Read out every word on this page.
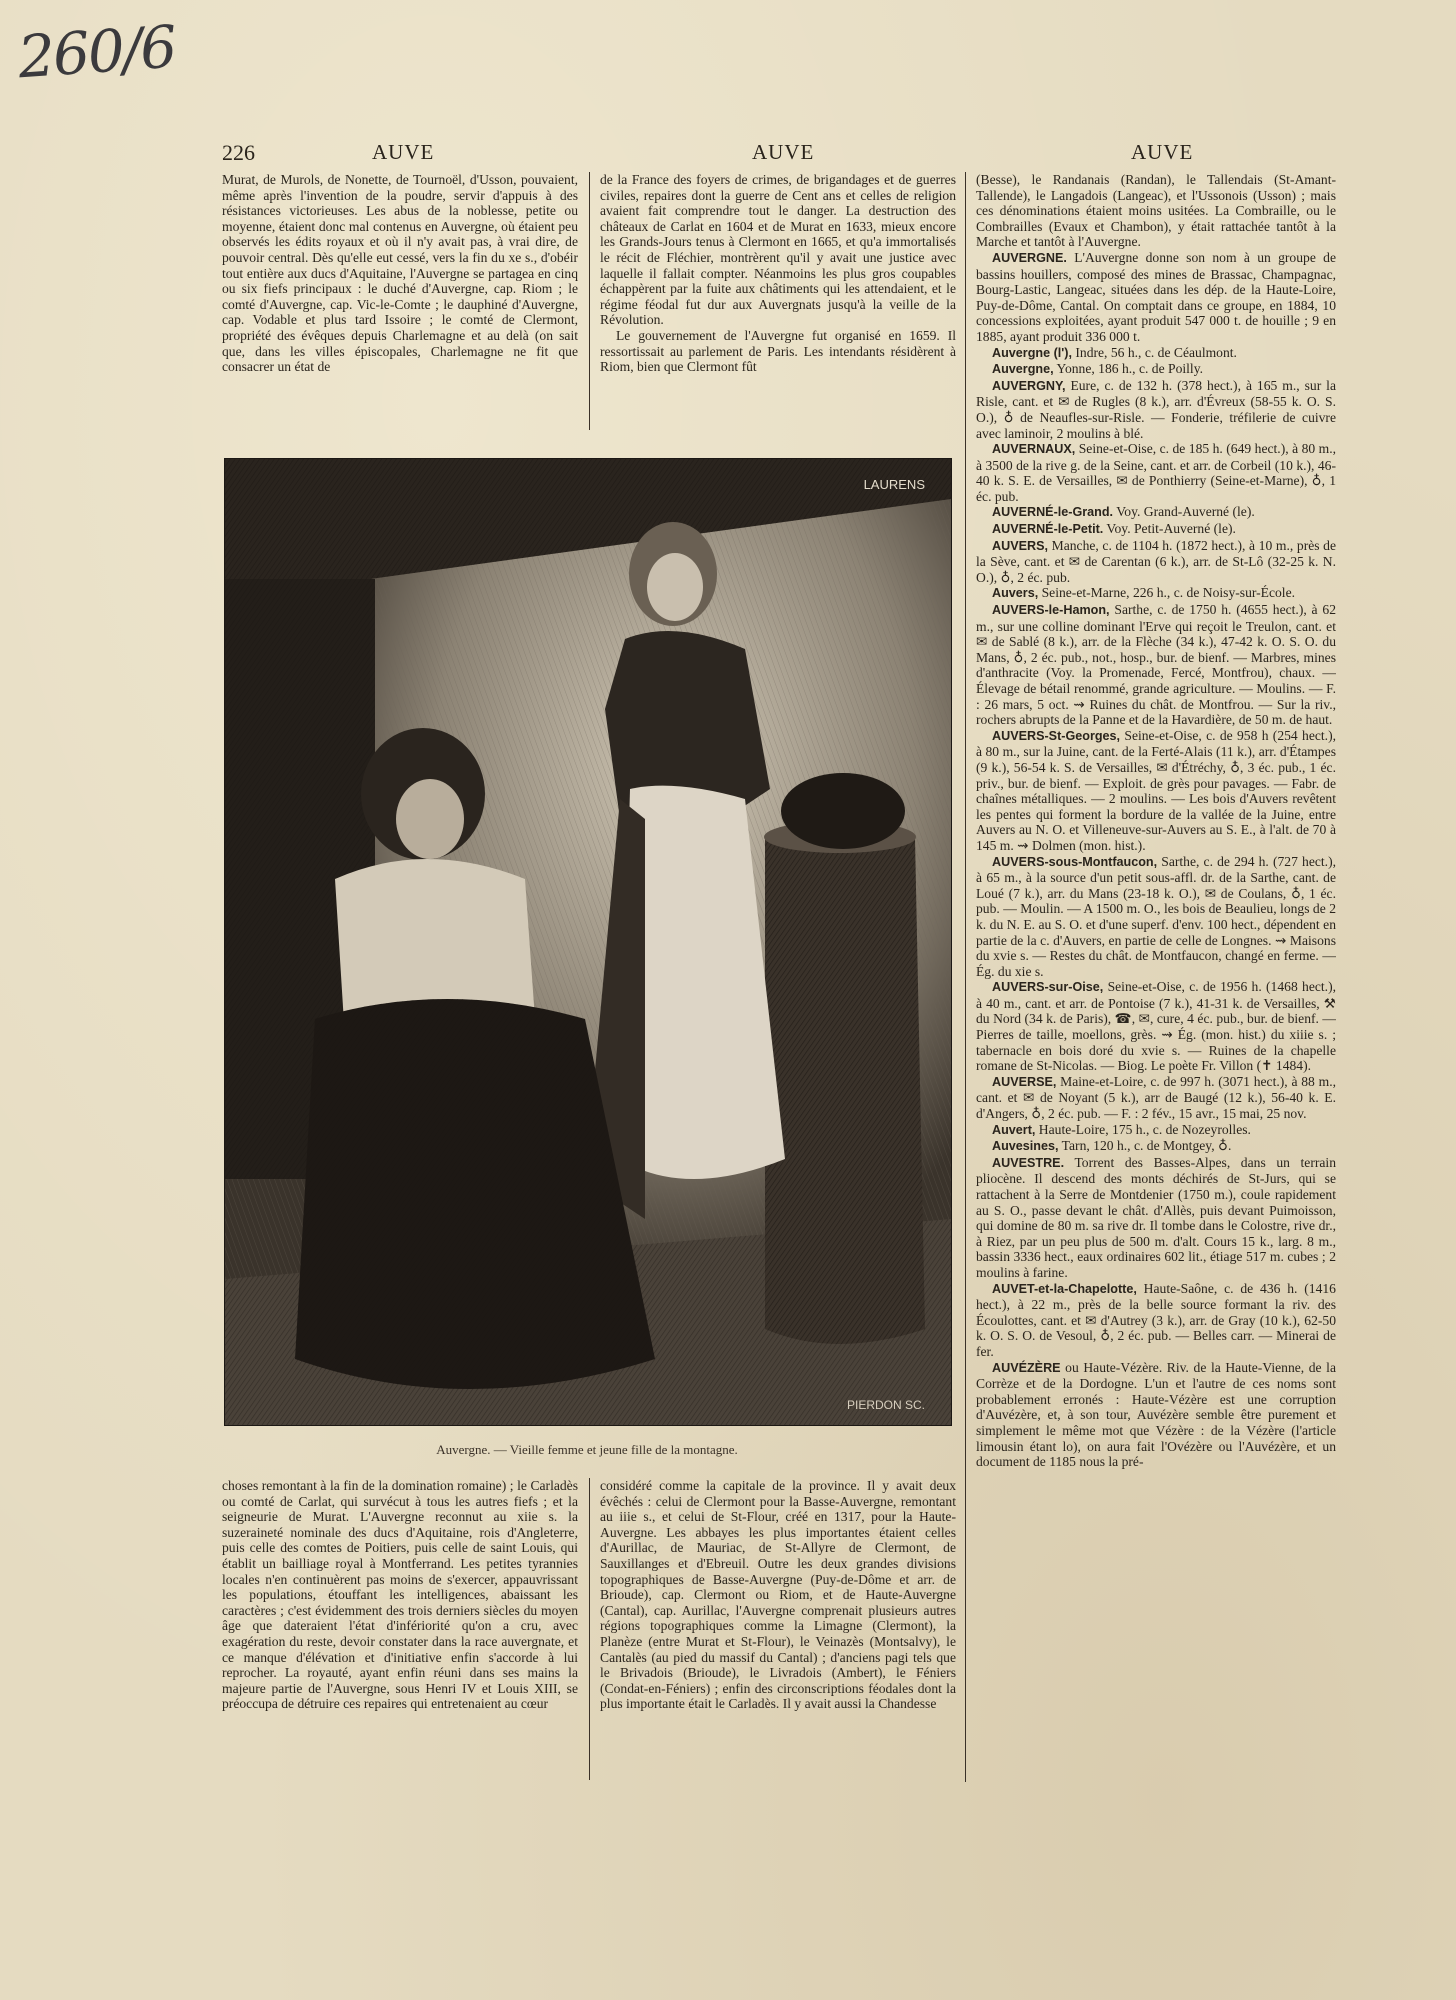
260/6
226	AUVE	AUVE	AUVE

Murat, de Murols, de Nonette, de Tournoël, d'Usson, pouvaient, même après l'invention de la poudre, servir d'appuis à des résistances victorieuses. Les abus de la noblesse, petite ou moyenne, étaient donc mal contenus en Auvergne, où étaient peu observés les édits royaux et où il n'y avait pas, à vrai dire, de pouvoir central. Dès qu'elle eut cessé, vers la fin du xe s., d'obéir tout entière aux ducs d'Aquitaine, l'Auvergne se partagea en cinq ou six fiefs principaux : le duché d'Auvergne, cap. Riom ; le comté d'Auvergne, cap. Vic-le-Comte ; le dauphiné d'Auvergne, cap. Vodable et plus tard Issoire ; le comté de Clermont, propriété des évêques depuis Charlemagne et au delà (on sait que, dans les villes épiscopales, Charlemagne ne fit que consacrer un état de

de la France des foyers de crimes, de brigandages et de guerres civiles, repaires dont la guerre de Cent ans et celles de religion avaient fait comprendre tout le danger. La destruction des châteaux de Carlat en 1604 et de Murat en 1633, mieux encore les Grands-Jours tenus à Clermont en 1665, et qu'a immortalisés le récit de Fléchier, montrèrent qu'il y avait une justice avec laquelle il fallait compter. Néanmoins les plus gros coupables échappèrent par la fuite aux châtiments qui les attendaient, et le régime féodal fut dur aux Auvergnats jusqu'à la veille de la Révolution.

Le gouvernement de l'Auvergne fut organisé en 1659. Il ressortissait au parlement de Paris. Les intendants résidèrent à Riom, bien que Clermont fût

(Besse), le Randanais (Randan), le Tallendais (St-Amant-Tallende), le Langadois (Langeac), et l'Ussonois (Usson) ; mais ces dénominations étaient moins usitées. La Combraille, ou le Combrailles (Evaux et Chambon), y était rattachée tantôt à la Marche et tantôt à l'Auvergne.

AUVERGNE. L'Auvergne donne son nom à un groupe de bassins houillers, composé des mines de Brassac, Champagnac, Bourg-Lastic, Langeac, situées dans les dép. de la Haute-Loire, Puy-de-Dôme, Cantal. On comptait dans ce groupe, en 1884, 10 concessions exploitées, ayant produit 547 000 t. de houille ; 9 en 1885, ayant produit 336 000 t.

Auvergne (l'), Indre, 56 h., c. de Céaulmont.

Auvergne, Yonne, 186 h., c. de Poilly.

AUVERGNY, Eure, c. de 132 h. (378 hect.), à 165 m., sur la Risle, cant. et ✉ de Rugles (8 k.), arr. d'Évreux (58-55 k. O. S. O.), ♁ de Neaufles-sur-Risle. — Fonderie, tréfilerie de cuivre avec laminoir, 2 moulins à blé.

AUVERNAUX, Seine-et-Oise, c. de 185 h. (649 hect.), à 80 m., à 3500 de la rive g. de la Seine, cant. et arr. de Corbeil (10 k.), 46-40 k. S. E. de Versailles, ✉ de Ponthierry (Seine-et-Marne), ♁, 1 éc. pub.

AUVERNÉ-le-Grand. Voy. Grand-Auverné (le).

AUVERNÉ-le-Petit. Voy. Petit-Auverné (le).

AUVERS, Manche, c. de 1104 h. (1872 hect.), à 10 m., près de la Sève, cant. et ✉ de Carentan (6 k.), arr. de St-Lô (32-25 k. N. O.), ♁, 2 éc. pub.

Auvers, Seine-et-Marne, 226 h., c. de Noisy-sur-École.

AUVERS-le-Hamon, Sarthe, c. de 1750 h. (4655 hect.), à 62 m., sur une colline dominant l'Erve qui reçoit le Treulon, cant. et ✉ de Sablé (8 k.), arr. de la Flèche (34 k.), 47-42 k. O. S. O. du Mans, ♁, 2 éc. pub., not., hosp., bur. de bienf. — Marbres, mines d'anthracite (Voy. la Promenade, Fercé, Montfrou), chaux. — Élevage de bétail renommé, grande agriculture. — Moulins. — F. : 26 mars, 5 oct. ⇝ Ruines du chât. de Montfrou. — Sur la riv., rochers abrupts de la Panne et de la Havardière, de 50 m. de haut.

AUVERS-St-Georges, Seine-et-Oise, c. de 958 h (254 hect.), à 80 m., sur la Juine, cant. de la Ferté-Alais (11 k.), arr. d'Étampes (9 k.), 56-54 k. S. de Versailles, ✉ d'Étréchy, ♁, 3 éc. pub., 1 éc. priv., bur. de bienf. — Exploit. de grès pour pavages. — Fabr. de chaînes métalliques. — 2 moulins. — Les bois d'Auvers revêtent les pentes qui forment la bordure de la vallée de la Juine, entre Auvers au N. O. et Villeneuve-sur-Auvers au S. E., à l'alt. de 70 à 145 m. ⇝ Dolmen (mon. hist.).

AUVERS-sous-Montfaucon, Sarthe, c. de 294 h. (727 hect.), à 65 m., à la source d'un petit sous-affl. dr. de la Sarthe, cant. de Loué (7 k.), arr. du Mans (23-18 k. O.), ✉ de Coulans, ♁, 1 éc. pub. — Moulin. — A 1500 m. O., les bois de Beaulieu, longs de 2 k. du N. E. au S. O. et d'une superf. d'env. 100 hect., dépendent en partie de la c. d'Auvers, en partie de celle de Longnes. ⇝ Maisons du xvie s. — Restes du chât. de Montfaucon, changé en ferme. — Ég. du xie s.

AUVERS-sur-Oise, Seine-et-Oise, c. de 1956 h. (1468 hect.), à 40 m., cant. et arr. de Pontoise (7 k.), 41-31 k. de Versailles, ⚒ du Nord (34 k. de Paris), ☎, ✉, cure, 4 éc. pub., bur. de bienf. — Pierres de taille, moellons, grès. ⇝ Ég. (mon. hist.) du xiiie s. ; tabernacle en bois doré du xvie s. — Ruines de la chapelle romane de St-Nicolas. — Biog. Le poète Fr. Villon (✝ 1484).

AUVERSE, Maine-et-Loire, c. de 997 h. (3071 hect.), à 88 m., cant. et ✉ de Noyant (5 k.), arr de Baugé (12 k.), 56-40 k. E. d'Angers, ♁, 2 éc. pub. — F. : 2 fév., 15 avr., 15 mai, 25 nov.

Auvert, Haute-Loire, 175 h., c. de Nozeyrolles.

Auvesines, Tarn, 120 h., c. de Montgey, ♁.

AUVESTRE. Torrent des Basses-Alpes, dans un terrain pliocène. Il descend des monts déchirés de St-Jurs, qui se rattachent à la Serre de Montdenier (1750 m.), coule rapidement au S. O., passe devant le chât. d'Allès, puis devant Puimoisson, qui domine de 80 m. sa rive dr. Il tombe dans le Colostre, rive dr., à Riez, par un peu plus de 500 m. d'alt. Cours 15 k., larg. 8 m., bassin 3336 hect., eaux ordinaires 602 lit., étiage 517 m. cubes ; 2 moulins à farine.

AUVET-et-la-Chapelotte, Haute-Saône, c. de 436 h. (1416 hect.), à 22 m., près de la belle source formant la riv. des Écoulottes, cant. et ✉ d'Autrey (3 k.), arr. de Gray (10 k.), 62-50 k. O. S. O. de Vesoul, ♁, 2 éc. pub. — Belles carr. — Minerai de fer.

AUVÉZÈRE ou Haute-Vézère. Riv. de la Haute-Vienne, de la Corrèze et de la Dordogne. L'un et l'autre de ces noms sont probablement erronés : Haute-Vézère est une corruption d'Auvézère, et, à son tour, Auvézère semble être purement et simplement le même mot que Vézère : de la Vézère (l'article limousin étant lo), on aura fait l'Ovézère ou l'Auvézère, et un document de 1185 nous la pré-

LAURENS
PIERDON SC.
Auvergne. — Vieille femme et jeune fille de la montagne.

choses remontant à la fin de la domination romaine) ; le Carladès ou comté de Carlat, qui survécut à tous les autres fiefs ; et la seigneurie de Murat. L'Auvergne reconnut au xiie s. la suzeraineté nominale des ducs d'Aquitaine, rois d'Angleterre, puis celle des comtes de Poitiers, puis celle de saint Louis, qui établit un bailliage royal à Montferrand. Les petites tyrannies locales n'en continuèrent pas moins de s'exercer, appauvrissant les populations, étouffant les intelligences, abaissant les caractères ; c'est évidemment des trois derniers siècles du moyen âge que dateraient l'état d'infériorité qu'on a cru, avec exagération du reste, devoir constater dans la race auvergnate, et ce manque d'élévation et d'initiative enfin s'accorde à lui reprocher. La royauté, ayant enfin réuni dans ses mains la majeure partie de l'Auvergne, sous Henri IV et Louis XIII, se préoccupa de détruire ces repaires qui entretenaient au cœur

considéré comme la capitale de la province. Il y avait deux évêchés : celui de Clermont pour la Basse-Auvergne, remontant au iiie s., et celui de St-Flour, créé en 1317, pour la Haute-Auvergne. Les abbayes les plus importantes étaient celles d'Aurillac, de Mauriac, de St-Allyre de Clermont, de Sauxillanges et d'Ebreuil. Outre les deux grandes divisions topographiques de Basse-Auvergne (Puy-de-Dôme et arr. de Brioude), cap. Clermont ou Riom, et de Haute-Auvergne (Cantal), cap. Aurillac, l'Auvergne comprenait plusieurs autres régions topographiques comme la Limagne (Clermont), la Planèze (entre Murat et St-Flour), le Veinazès (Montsalvy), le Cantalès (au pied du massif du Cantal) ; d'anciens pagi tels que le Brivadois (Brioude), le Livradois (Ambert), le Féniers (Condat-en-Féniers) ; enfin des circonscriptions féodales dont la plus importante était le Carladès. Il y avait aussi la Chandesse
